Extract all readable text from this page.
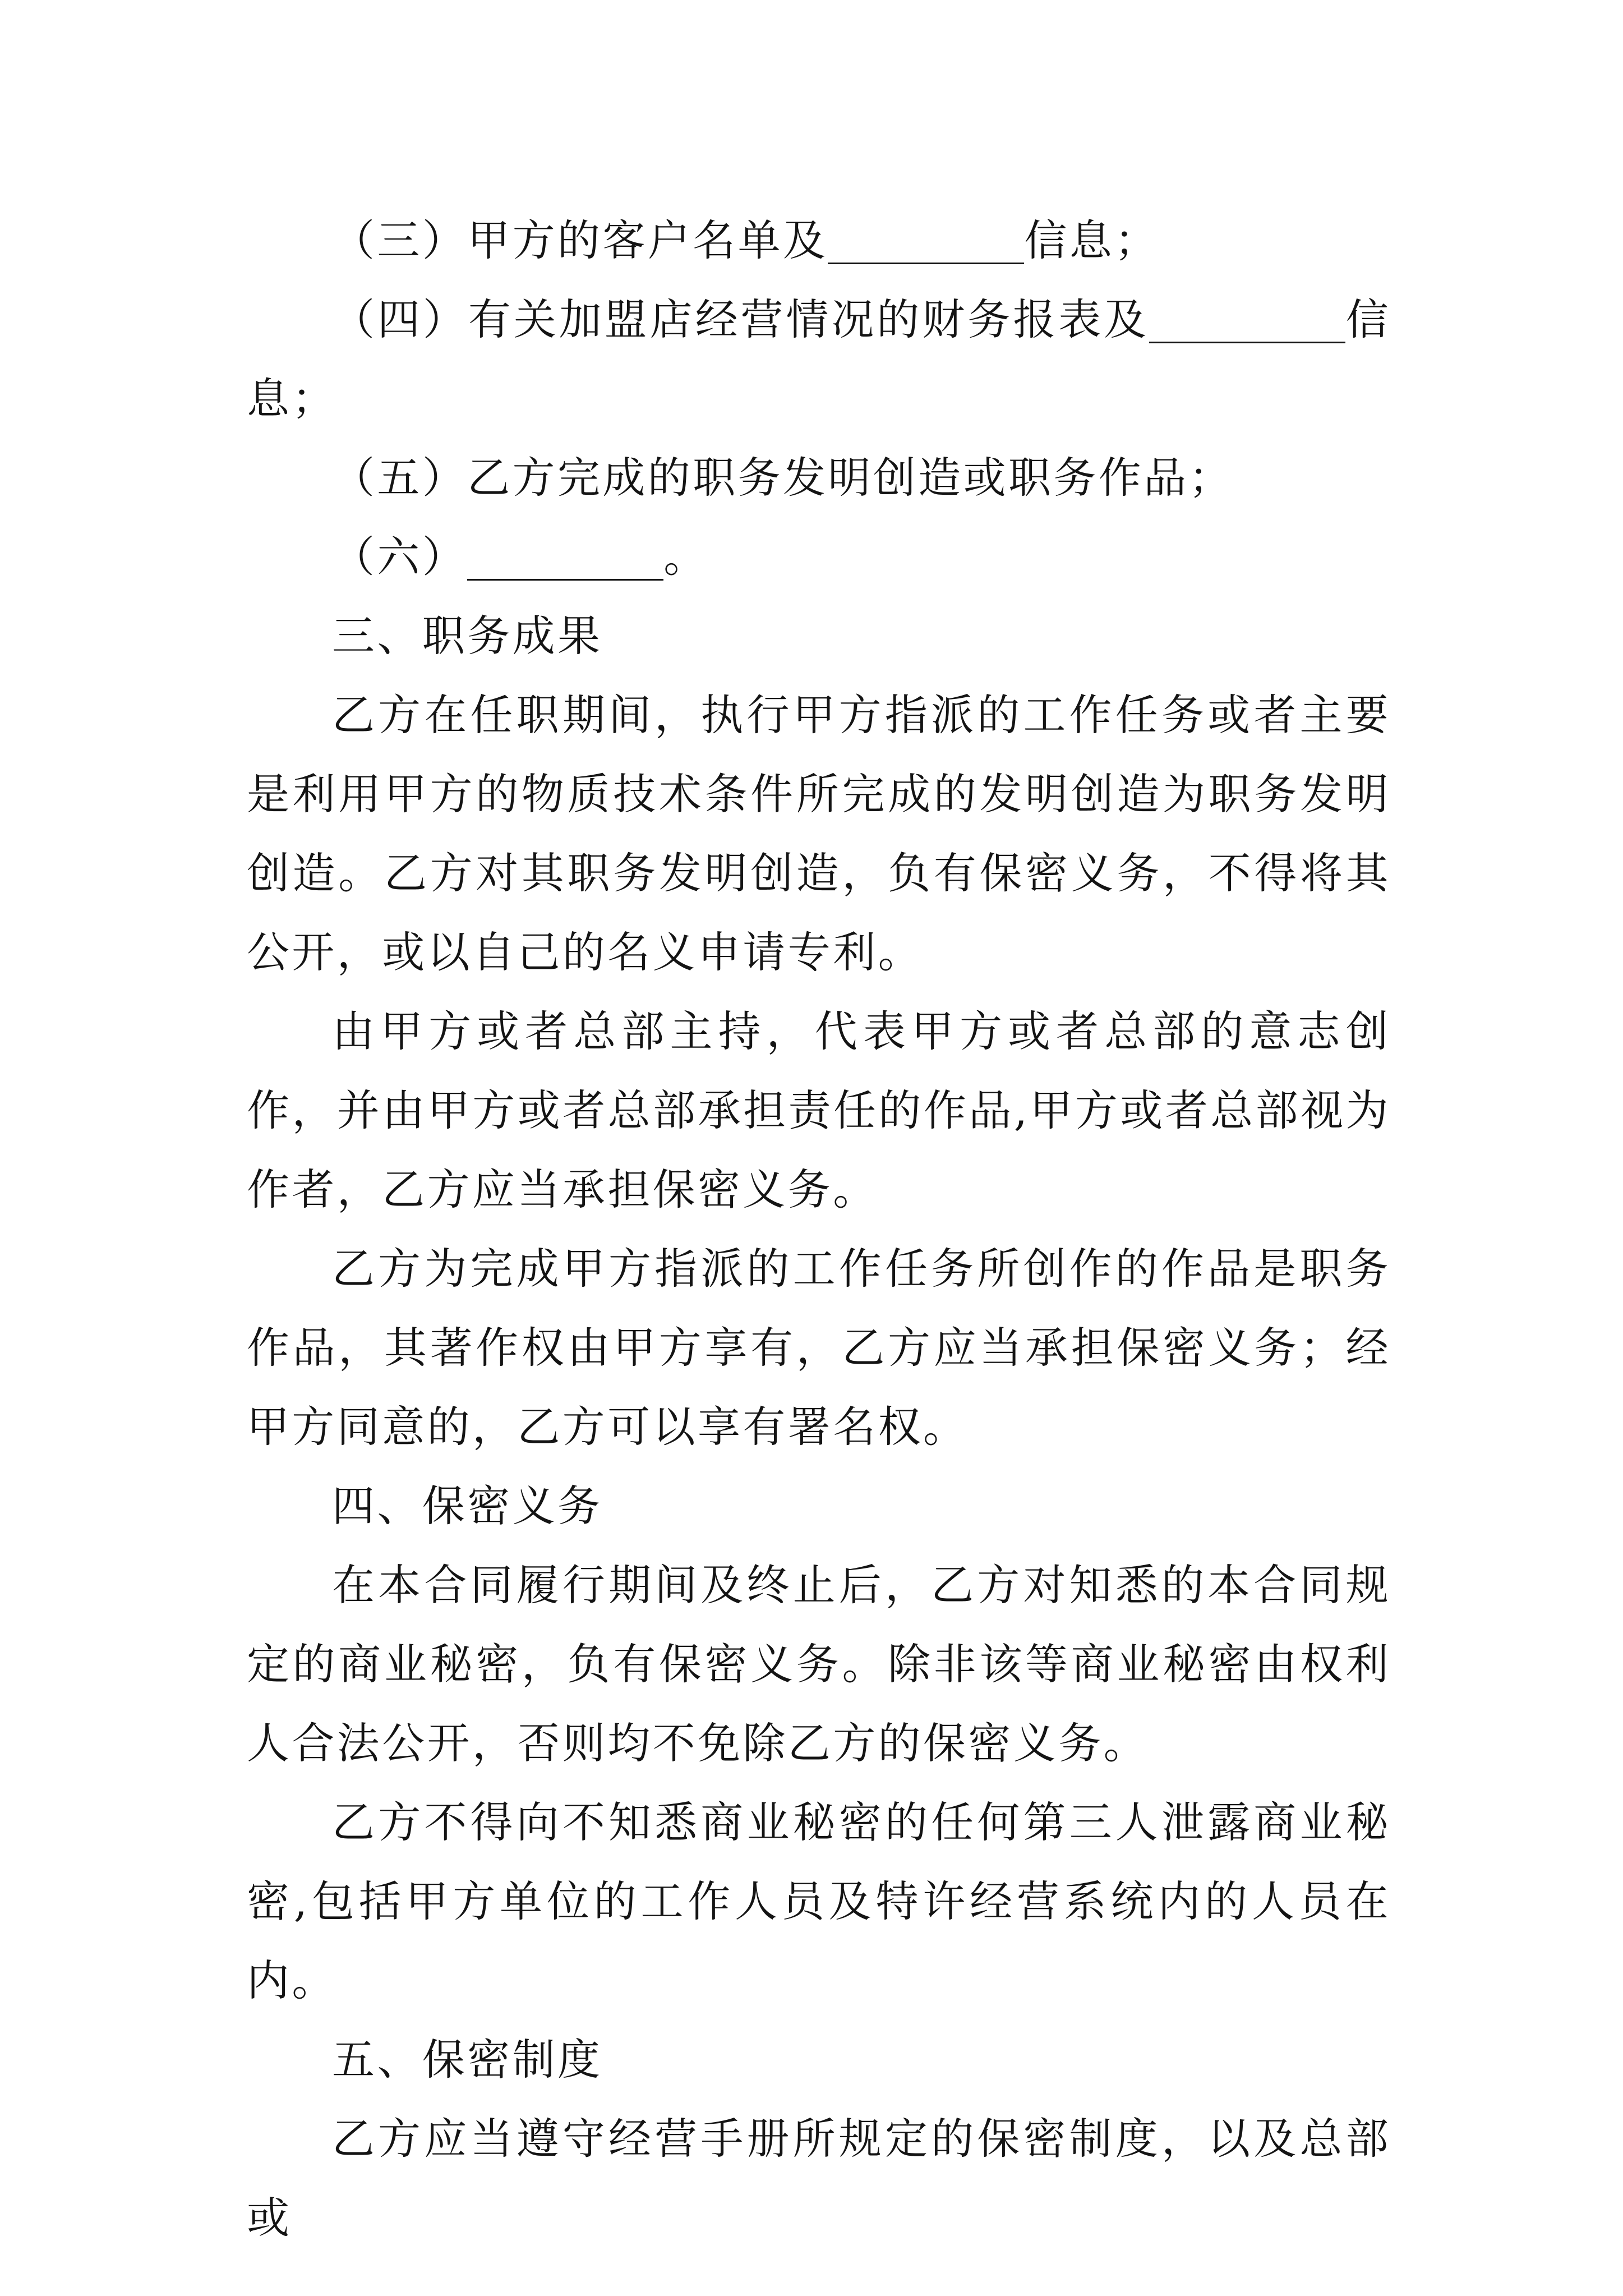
（三）甲方的客户名单及	信息；

（四）有关加盟店经营情况的财务报表及	信息；

（五）乙方完成的职务发明创造或职务作品；

（六）	。

三、职务成果

乙方在任职期间，执行甲方指派的工作任务或者主要是利用甲方的物质技术条件所完成的发明创造为职务发明创造。乙方对其职务发明创造，负有保密义务，不得将其公开，或以自己的名义申请专利。

由甲方或者总部主持，代表甲方或者总部的意志创作，并由甲方或者总部承担责任的作品,甲方或者总部视为作者，乙方应当承担保密义务。

乙方为完成甲方指派的工作任务所创作的作品是职务作品，其著作权由甲方享有，乙方应当承担保密义务；经甲方同意的，乙方可以享有署名权。

四、保密义务

在本合同履行期间及终止后，乙方对知悉的本合同规定的商业秘密，负有保密义务。除非该等商业秘密由权利人合法公开，否则均不免除乙方的保密义务。

乙方不得向不知悉商业秘密的任何第三人泄露商业秘密,包括甲方单位的工作人员及特许经营系统内的人员在内。

五、保密制度

乙方应当遵守经营手册所规定的保密制度，以及总部或
